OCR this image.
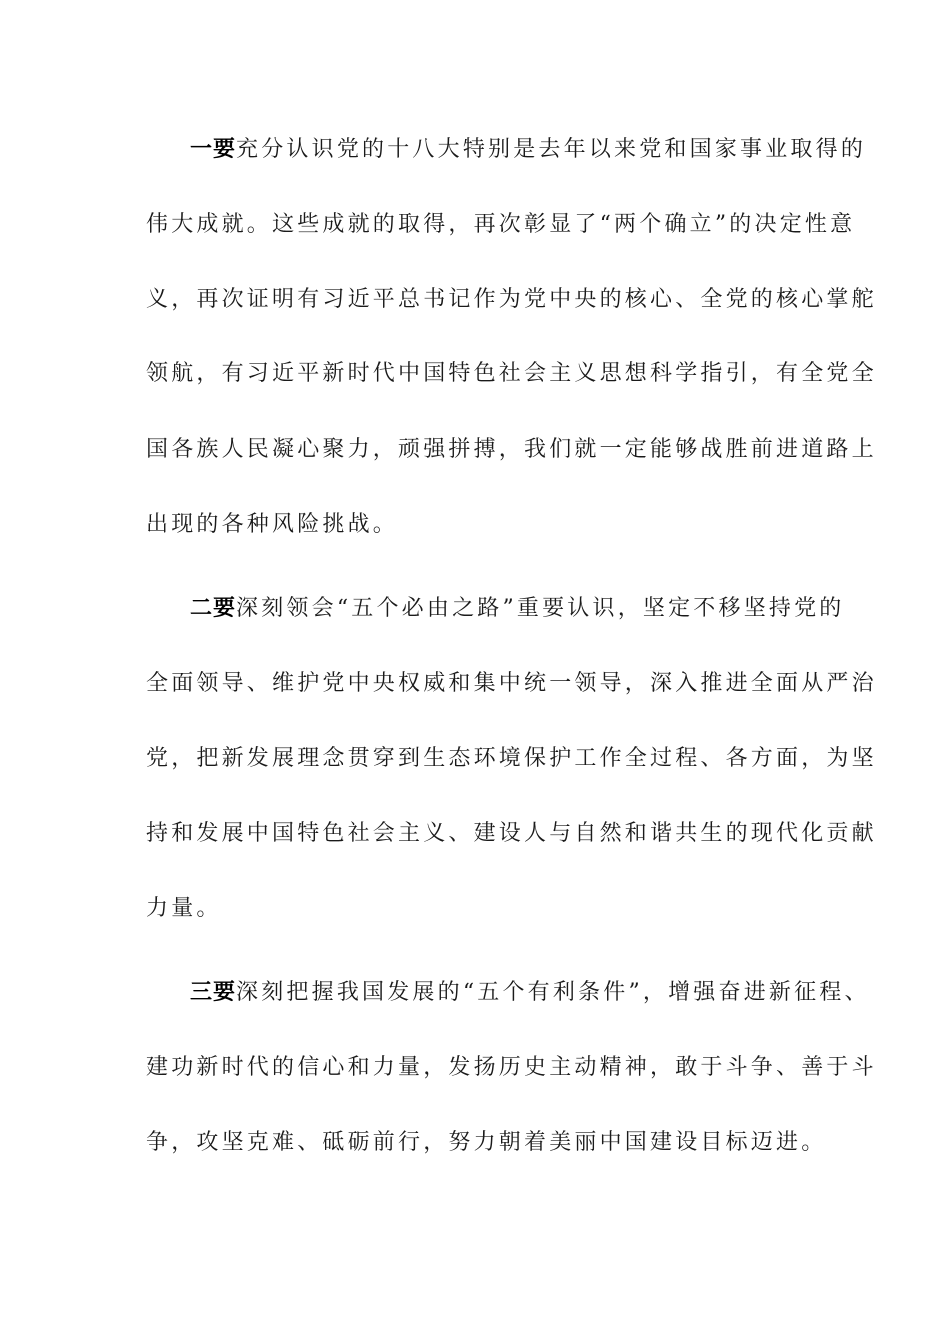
一要充分认识党的十八大特别是去年以来党和国家事业取得的
伟大成就。这些成就的取得，再次彰显了“两个确立”的决定性意
义，再次证明有习近平总书记作为党中央的核心、全党的核心掌舵
领航，有习近平新时代中国特色社会主义思想科学指引，有全党全
国各族人民凝心聚力，顽强拼搏，我们就一定能够战胜前进道路上
出现的各种风险挑战。
二要深刻领会“五个必由之路”重要认识，坚定不移坚持党的
全面领导、维护党中央权威和集中统一领导，深入推进全面从严治
党，把新发展理念贯穿到生态环境保护工作全过程、各方面，为坚
持和发展中国特色社会主义、建设人与自然和谐共生的现代化贡献
力量。
三要深刻把握我国发展的“五个有利条件”，增强奋进新征程、
建功新时代的信心和力量，发扬历史主动精神，敢于斗争、善于斗
争，攻坚克难、砥砺前行，努力朝着美丽中国建设目标迈进。
